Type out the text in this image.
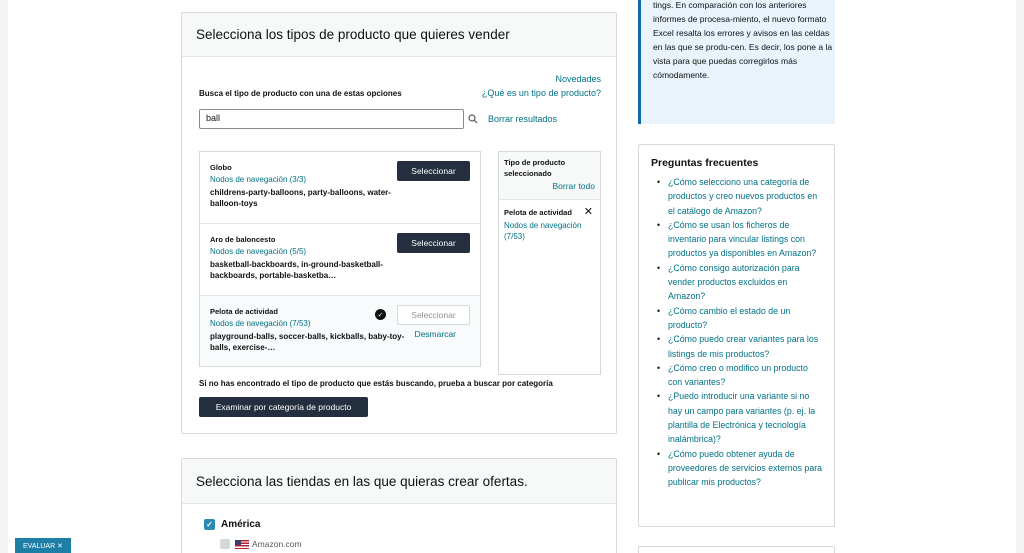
Selecciona los tipos de producto que quieres vender
Novedades
¿Qué es un tipo de producto?
Busca el tipo de producto con una de estas opciones
ball	Borrar resultados
Globo
Nodos de navegación (3/3)
childrens-party-balloons, party-balloons, water-balloon-toys
Seleccionar
Aro de baloncesto
Nodos de navegación (5/5)
basketball-backboards, in-ground-basketball-backboards, portable-basketba…
Seleccionar
Pelota de actividad
Nodos de navegación (7/53)
playground-balls, soccer-balls, kickballs, baby-toy-balls, exercise-…
✓	Seleccionar
Desmarcar
Tipo de producto seleccionado
Borrar todo
Pelota de actividad
Nodos de navegación (7/53)
✕
Si no has encontrado el tipo de producto que estás buscando, prueba a buscar por categoría
Examinar por categoría de producto
Selecciona las tiendas en las que quieras crear ofertas.
✓ América
Amazon.com
tings. En comparación con los anteriores informes de procesa-miento, el nuevo formato Excel resalta los errores y avisos en las celdas en las que se produ-cen. Es decir, los pone a la vista para que puedas corregirlos más cómodamente.
Preguntas frecuentes
• ¿Cómo selecciono una categoría de productos y creo nuevos productos en el catálogo de Amazon?
• ¿Cómo se usan los ficheros de inventario para vincular listings con productos ya disponibles en Amazon?
• ¿Cómo consigo autorización para vender productos excluidos en Amazon?
• ¿Cómo cambio el estado de un producto?
• ¿Cómo puedo crear variantes para los listings de mis productos?
• ¿Cómo creo o modifico un producto con variantes?
• ¿Puedo introducir una variante si no hay un campo para variantes (p. ej. la plantilla de Electrónica y tecnología inalámbrica)?
• ¿Cómo puedo obtener ayuda de proveedores de servicios externos para publicar mis productos?
EVALUAR ✕
